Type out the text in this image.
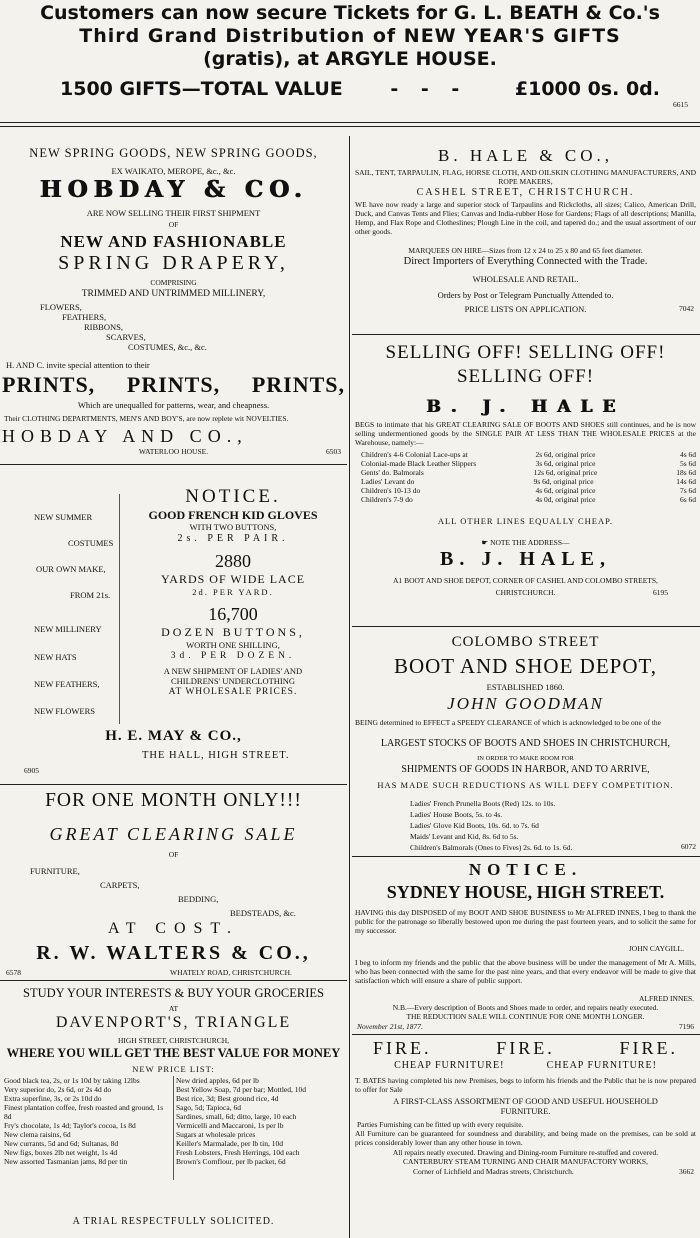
Customers can now secure Tickets for G. L. BEATH & Co.'s
Third Grand Distribution of NEW YEAR'S GIFTS
(gratis), at ARGYLE HOUSE.
1500 GIFTS—TOTAL VALUE	- - -	£1000 0s. 0d.
6615
NEW SPRING GOODS, NEW SPRING GOODS,
EX WAIKATO, MEROPE, &c., &c.
HOBDAY & CO.
ARE NOW SELLING THEIR FIRST SHIPMENT
OF
NEW AND FASHIONABLE
SPRING DRAPERY,
COMPRISING
TRIMMED AND UNTRIMMED MILLINERY,
FLOWERS,
FEATHERS,
RIBBONS,
SCARVES,
COSTUMES, &c., &c.
H. AND C. invite special attention to their
PRINTS, PRINTS, PRINTS,
Which are unequalled for patterns, wear, and cheapness.
Their CLOTHING DEPARTMENTS, MEN'S AND BOY'S, are now replete wit NOVELTIES.
HOBDAY AND CO.,
WATERLOO HOUSE.	6503
NEW SUMMER
COSTUMES
OUR OWN MAKE,
FROM 21s.
NEW MILLINERY
NEW HATS
NEW FEATHERS,
NEW FLOWERS
NOTICE.
GOOD FRENCH KID GLOVES
WITH TWO BUTTONS,
2s. PER PAIR.
2880
YARDS OF WIDE LACE
2d. PER YARD.
16,700
DOZEN BUTTONS,
WORTH ONE SHILLING,
3d. PER DOZEN.
A NEW SHIPMENT OF LADIES' AND
CHILDRENS' UNDERCLOTHING
AT WHOLESALE PRICES.
H. E. MAY & CO.,
THE HALL, HIGH STREET.
6905
FOR ONE MONTH ONLY!!!
GREAT CLEARING SALE
OF
FURNITURE,
CARPETS,
BEDDING,
BEDSTEADS, &c.
AT COST.
R. W. WALTERS & CO.,
6578	WHATELY ROAD, CHRISTCHURCH.
STUDY YOUR INTERESTS & BUY YOUR GROCERIES
AT
DAVENPORT'S, TRIANGLE
HIGH STREET, CHRISTCHURCH,
WHERE YOU WILL GET THE BEST VALUE FOR MONEY
NEW PRICE LIST:
Good black tea, 2s, or 1s 10d by taking 12lbs
Very superior do, 2s 6d, or 2s 4d do
Extra superfine, 3s, or 2s 10d do
Finest plantation coffee, fresh roasted and ground, 1s 8d
Fry's chocolate, 1s 4d; Taylor's cocoa, 1s 8d
New clema raisins, 6d
New currants, 5d and 6d; Sultanas, 8d
New figs, boxes 2lb net weight, 1s 4d
New assorted Tasmanian jams, 8d per tin
New dried apples, 6d per lb
Best Yellow Soap, 7d per bar; Mottled, 10d
Best rice, 3d; Best ground rice, 4d
Sago, 5d; Tapioca, 6d
Sardines, small, 6d; ditto, large, 10 each
Vermicelli and Maccaroni, 1s per lb
Sugars at wholesale prices
Keiller's Marmalade, per lb tin, 10d
Fresh Lobsters, Fresh Herrings, 10d each
Brown's Cornflour, per lb packet, 6d
A TRIAL RESPECTFULLY SOLICITED.
B. HALE & CO.,
SAIL, TENT, TARPAULIN, FLAG, HORSE CLOTH, AND OILSKIN CLOTHING MANUFACTURERS, AND ROPE MAKERS,
CASHEL STREET, CHRISTCHURCH.
WE have now ready a large and superior stock of Tarpaulins and Rickcloths, all sizes; Calico, American Drill, Duck, and Canvas Tents and Flies; Canvas and India-rubber Hose for Gardens; Flags of all descriptions; Manilla, Hemp, and Flax Rope and Clotheslines; Plough Line in the coil, and tapered do.; and the usual assortment of our other goods.
MARQUEES ON HIRE—Sizes from 12 x 24 to 25 x 80 and 65 feet diameter.
Direct Importers of Everything Connected with the Trade.
WHOLESALE AND RETAIL.
Orders by Post or Telegram Punctually Attended to.
PRICE LISTS ON APPLICATION.	7042
SELLING OFF! SELLING OFF!
SELLING OFF!
B. J. HALE
BEGS to intimate that his GREAT CLEARING SALE OF BOOTS AND SHOES still continues, and he is now selling undermentioned goods by the SINGLE PAIR AT LESS THAN THE WHOLESALE PRICES at the Warehouse, namely:—
Children's 4-6 Colonial Lace-ups at	2s 6d, original price	4s 6d
Colonial-made Black Leather Slippers	3s 6d, original price	5s 6d
Gents' do. Balmorals	12s 6d, original price	18s 6d
Ladies' Levant do	9s 6d, original price	14s 6d
Children's 10-13 do	4s 6d, original price	7s 6d
Children's 7-9 do	4s 0d, original price	6s 6d
ALL OTHER LINES EQUALLY CHEAP.
☛ NOTE THE ADDRESS—
B. J. HALE,
A1 BOOT AND SHOE DEPOT, CORNER OF CASHEL AND COLOMBO STREETS,
CHRISTCHURCH.	6195
COLOMBO STREET
BOOT AND SHOE DEPOT,
ESTABLISHED 1860.
JOHN GOODMAN
BEING determined to EFFECT a SPEEDY CLEARANCE of which is acknowledged to be one of the
LARGEST STOCKS OF BOOTS AND SHOES IN CHRISTCHURCH,
IN ORDER TO MAKE ROOM FOR
SHIPMENTS OF GOODS IN HARBOR, AND TO ARRIVE,
HAS MADE SUCH REDUCTIONS AS WILL DEFY COMPETITION.
Ladies' French Prunella Boots (Red) 12s. to 10s.
Ladies' House Boots, 5s. to 4s.
Ladies' Glove Kid Boots, 10s. 6d. to 7s. 6d
Maids' Levant and Kid, 8s. 6d to 5s.
Children's Balmorals (Ones to Fives) 2s. 6d. to 1s. 6d.	6072
NOTICE.
SYDNEY HOUSE, HIGH STREET.
HAVING this day DISPOSED of my BOOT AND SHOE BUSINESS to Mr ALFRED INNES, I beg to thank the public for the patronage so liberally bestowed upon me during the past fourteen years, and to solicit the same for my successor.
JOHN CAYGILL.
I beg to inform my friends and the public that the above business will be under the management of Mr A. Mills, who has been connected with the same for the past nine years, and that every endeavor will be made to give that satisfaction which will ensure a share of public support.
ALFRED INNES.
N.B.—Every description of Boots and Shoes made to order, and repairs neatly executed.
THE REDUCTION SALE WILL CONTINUE FOR ONE MONTH LONGER.
November 21st, 1877.	7196
FIRE.	FIRE.	FIRE.
CHEAP FURNITURE!	CHEAP FURNITURE!
T. BATES having completed his new Premises, begs to inform his friends and the Public that he is now prepared to offer for Sale
A FIRST-CLASS ASSORTMENT OF GOOD AND USEFUL HOUSEHOLD FURNITURE.
Parties Furnishing can be fitted up with every requisite.
All Furniture can be guaranteed for soundness and durability, and being made on the premises, can be sold at prices considerably lower than any other house in town.
All repairs neatly executed. Drawing and Dining-room Furniture re-stuffed and covered.
CANTERBURY STEAM TURNING AND CHAIR MANUFACTORY WORKS,
Corner of Lichfield and Madras streets, Christchurch.	3662
